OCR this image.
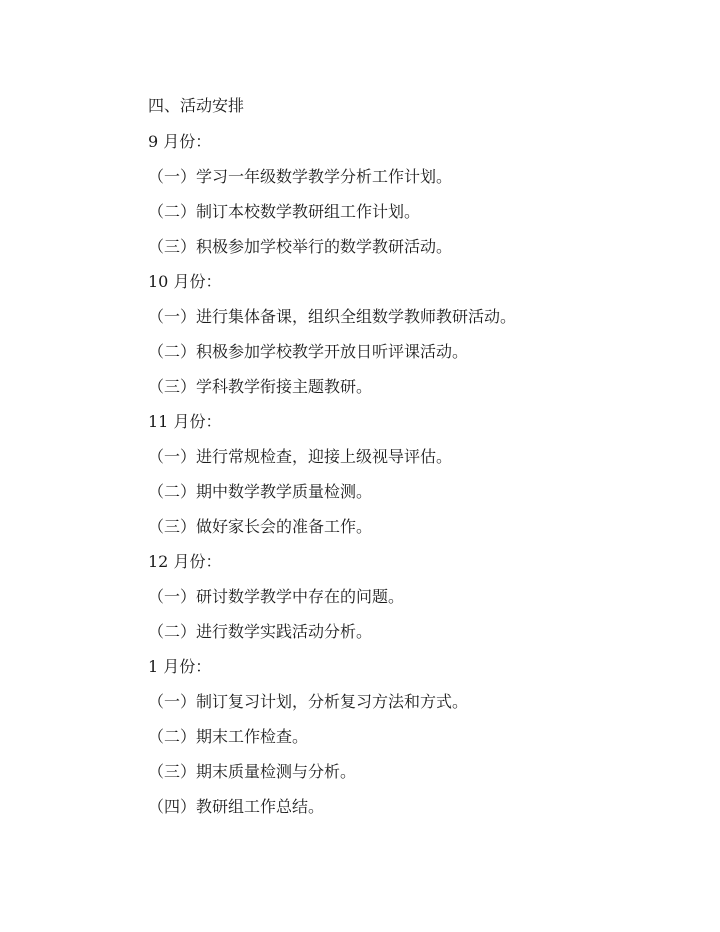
四、活动安排
9 月份：
（一）学习一年级数学教学分析工作计划。
（二）制订本校数学教研组工作计划。
（三）积极参加学校举行的数学教研活动。
10 月份：
（一）进行集体备课，组织全组数学教师教研活动。
（二）积极参加学校教学开放日听评课活动。
（三）学科教学衔接主题教研。
11 月份：
（一）进行常规检查，迎接上级视导评估。
（二）期中数学教学质量检测。
（三）做好家长会的准备工作。
12 月份：
（一）研讨数学教学中存在的问题。
（二）进行数学实践活动分析。
1 月份：
（一）制订复习计划，分析复习方法和方式。
（二）期末工作检查。
（三）期末质量检测与分析。
（四）教研组工作总结。
